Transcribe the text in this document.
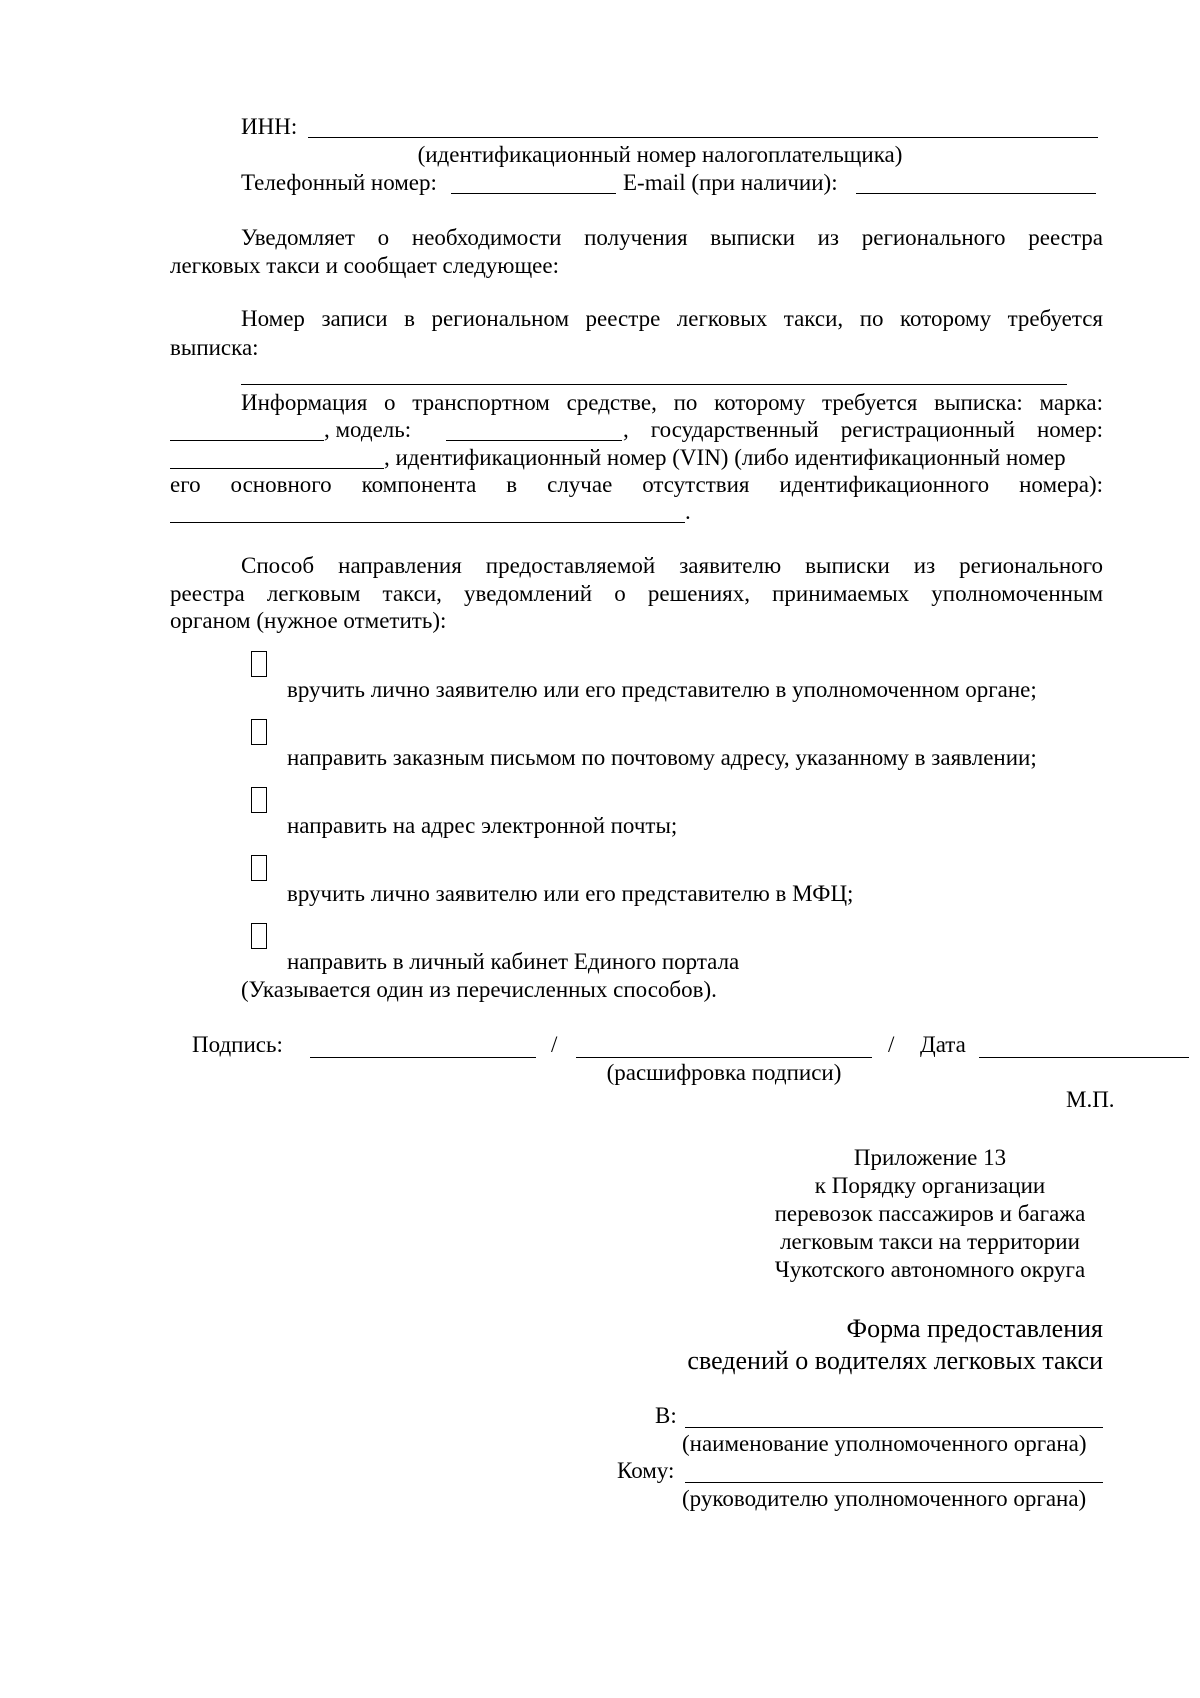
ИНН:
(идентификационный номер налогоплательщика)
Телефонный номер:	E-mail (при наличии):
Уведомляет о необходимости получения выписки из регионального реестра
легковых такси и сообщает следующее:
Номер записи в региональном реестре легковых такси, по которому требуется
выписка:
Информация о транспортном средстве, по которому требуется выписка: марка:
, модель:	, государственный регистрационный номер:
, идентификационный номер (VIN) (либо идентификационный номер
его основного компонента в случае отсутствия идентификационного номера):
.
Способ направления предоставляемой заявителю выписки из регионального
реестра легковым такси, уведомлений о решениях, принимаемых уполномоченным
органом (нужное отметить):
вручить лично заявителю или его представителю в уполномоченном органе;
направить заказным письмом по почтовому адресу, указанному в заявлении;
направить на адрес электронной почты;
вручить лично заявителю или его представителю в МФЦ;
направить в личный кабинет Единого портала
(Указывается один из перечисленных способов).
Подпись:	/	/ Дата
(расшифровка подписи)
М.П.
Приложение 13
к Порядку организации
перевозок пассажиров и багажа
легковым такси на территории
Чукотского автономного округа
Форма предоставления
сведений о водителях легковых такси
В:
(наименование уполномоченного органа)
Кому:
(руководителю уполномоченного органа)
